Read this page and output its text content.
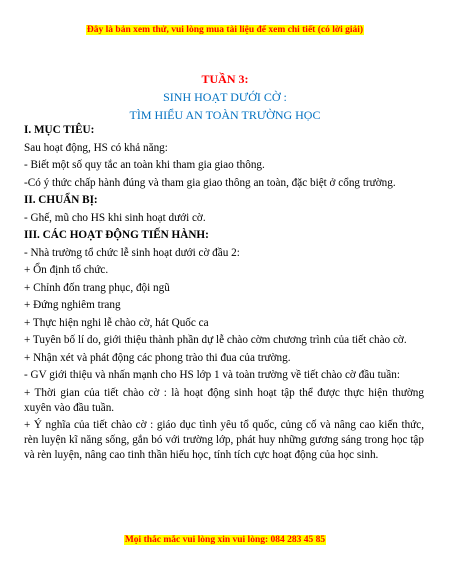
Đây là bản xem thử, vui lòng mua tài liệu để xem chi tiết (có lời giải)
TUẦN 3:
SINH HOẠT DƯỚI CỜ :
TÌM HIỂU AN TOÀN TRƯỜNG HỌC

I. MỤC TIÊU:

Sau hoạt động, HS có khả năng:

- Biết một số quy tắc an toàn khi tham gia giao thông.

-Có ý thức chấp hành đúng và tham gia giao thông an toàn, đặc biệt ở cổng trường.

II. CHUẨN BỊ:

- Ghế, mũ cho HS khi sinh hoạt dưới cờ.

III. CÁC HOẠT ĐỘNG TIẾN HÀNH:

- Nhà trường tổ chức lễ sinh hoạt dưới cờ đầu 2:

+ Ổn định tổ chức.

+ Chỉnh đốn trang phục, đội ngũ

+ Đứng nghiêm trang

+ Thực hiện nghi lễ chào cờ, hát Quốc ca

+ Tuyên bố lí do, giới thiệu thành phần dự lễ chào cờm chương trình của tiết chào cờ.

+ Nhận xét và phát động các phong trào thi đua của trường.

- GV giới thiệu và nhấn mạnh cho HS lớp 1 và toàn trường về tiết chào cờ đầu tuần:

+ Thời gian của tiết chào cờ : là hoạt động sinh hoạt tập thể được thực hiện thường xuyên vào đầu tuần.

+ Ý nghĩa của tiết chào cờ : giáo dục tình yêu tổ quốc, củng cố và nâng cao kiến thức, rèn luyện kĩ năng sống, gắn bó với trường lớp, phát huy những gương sáng trong học tập và rèn luyện, nâng cao tinh thần hiếu học, tính tích cực hoạt động của học sinh.

Mọi thắc mắc vui lòng xin vui lòng: 084 283 45 85
